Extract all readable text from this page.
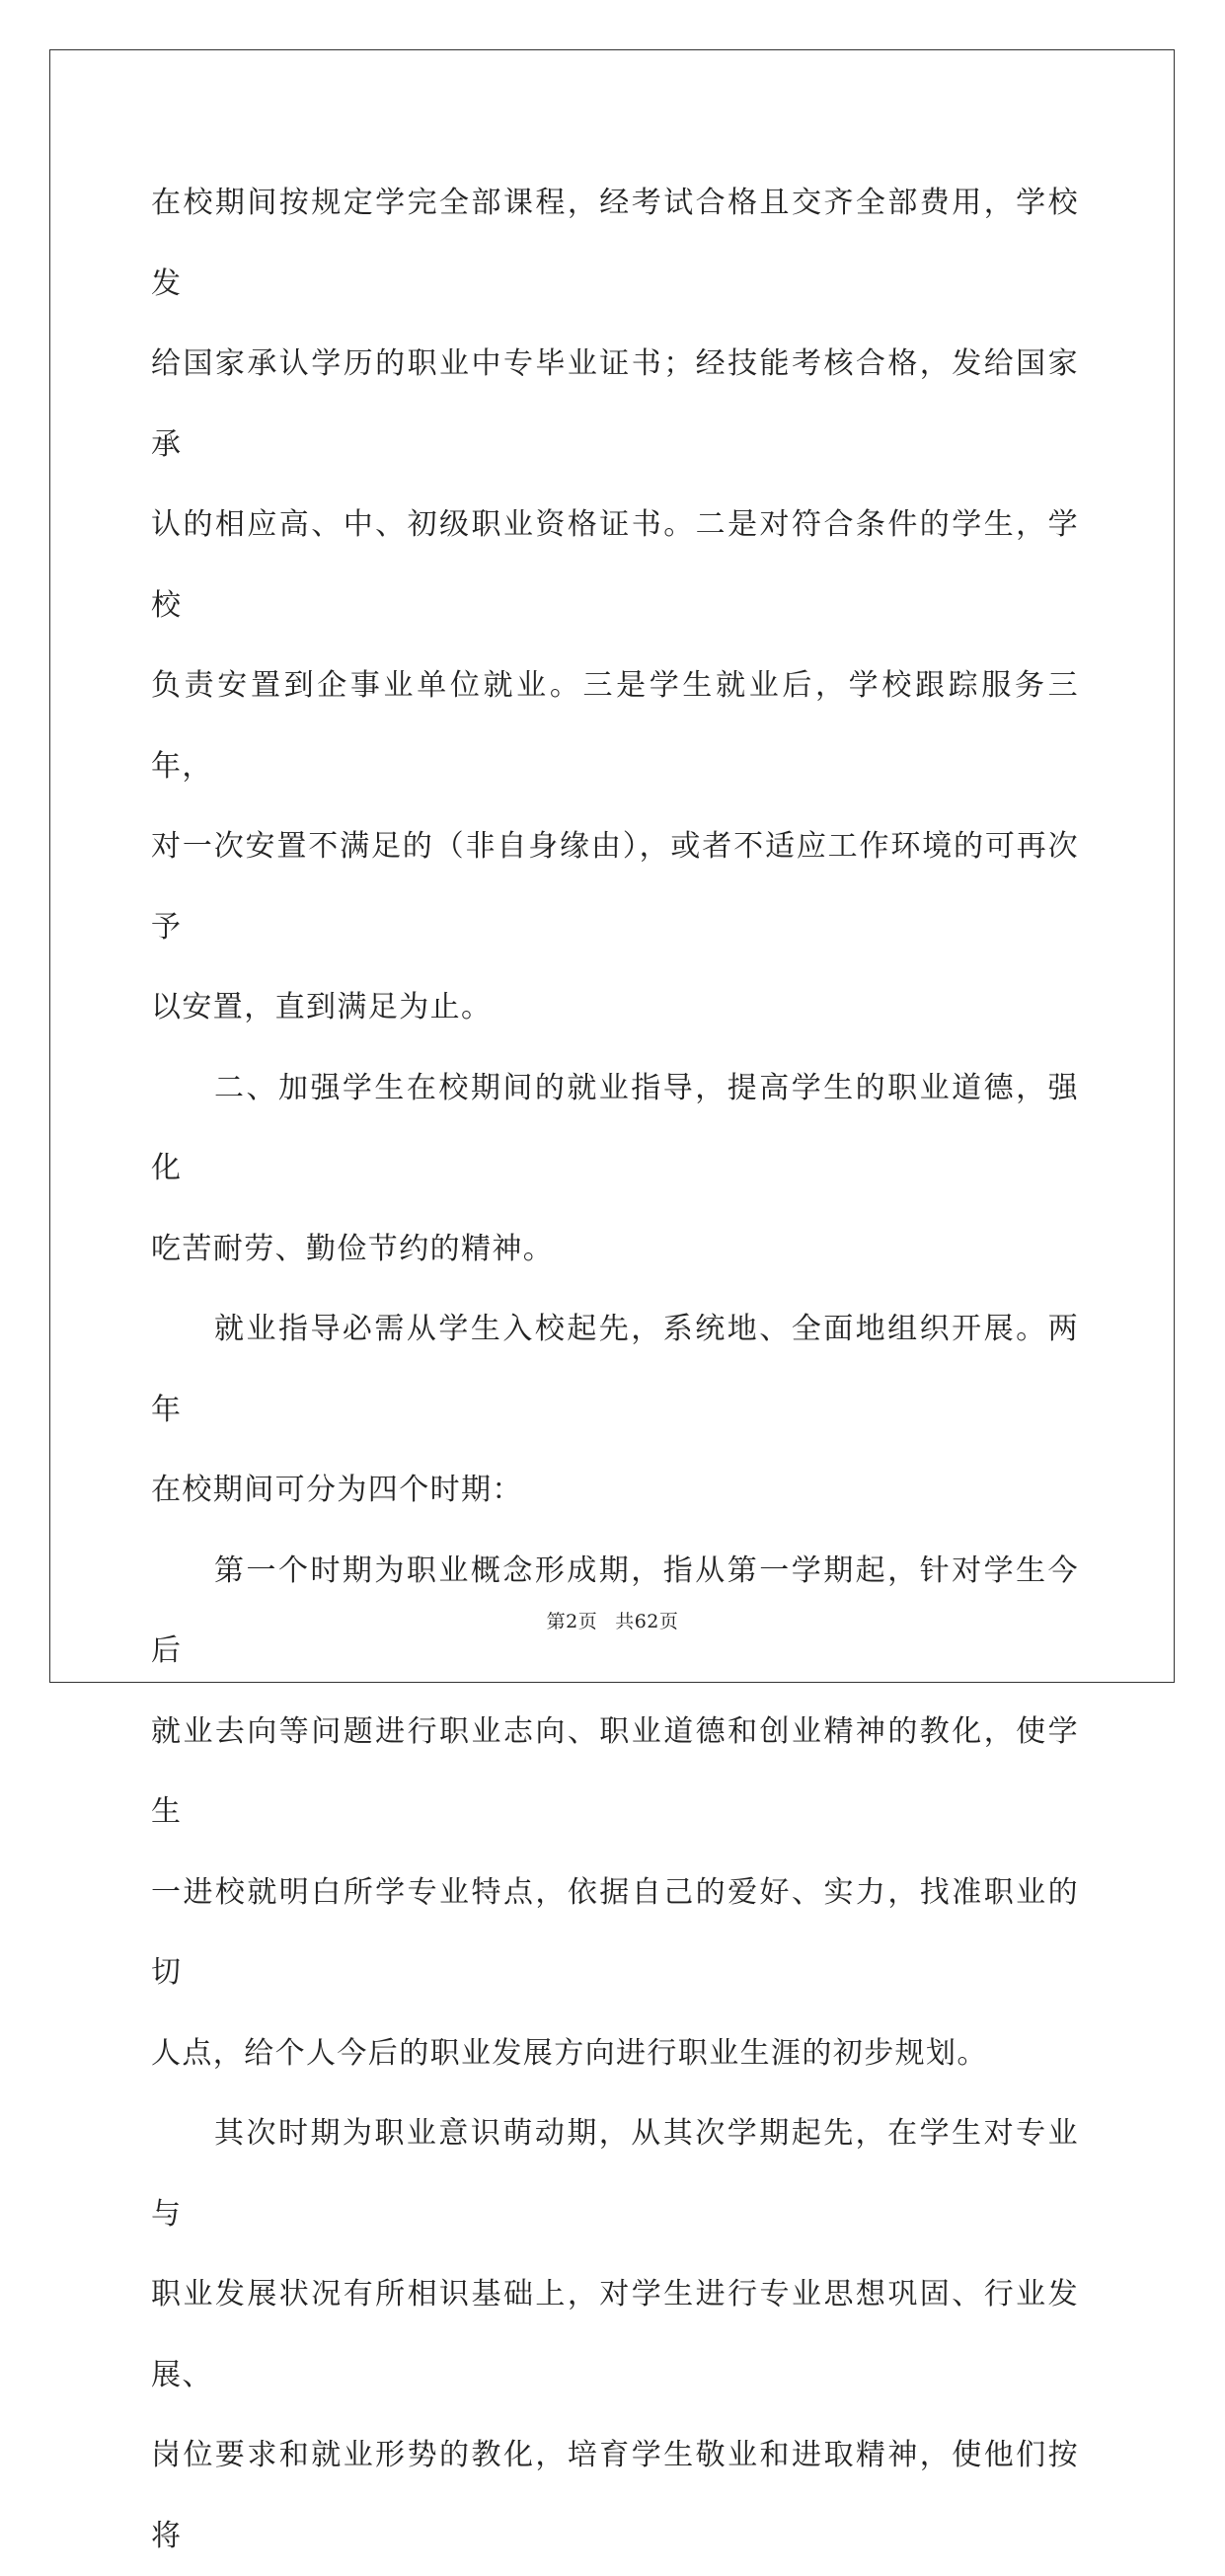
在校期间按规定学完全部课程，经考试合格且交齐全部费用，学校发

给国家承认学历的职业中专毕业证书；经技能考核合格，发给国家承

认的相应高、中、初级职业资格证书。二是对符合条件的学生，学校

负责安置到企事业单位就业。三是学生就业后，学校跟踪服务三年，

对一次安置不满足的（非自身缘由），或者不适应工作环境的可再次予

以安置，直到满足为止。

二、加强学生在校期间的就业指导，提高学生的职业道德，强化

吃苦耐劳、勤俭节约的精神。

就业指导必需从学生入校起先，系统地、全面地组织开展。两年

在校期间可分为四个时期：

第一个时期为职业概念形成期，指从第一学期起，针对学生今后

就业去向等问题进行职业志向、职业道德和创业精神的教化，使学生

一进校就明白所学专业特点，依据自己的爱好、实力，找准职业的切

人点，给个人今后的职业发展方向进行职业生涯的初步规划。

其次时期为职业意识萌动期，从其次学期起先，在学生对专业与

职业发展状况有所相识基础上，对学生进行专业思想巩固、行业发展、

岗位要求和就业形势的教化，培育学生敬业和进取精神，使他们按将

第2页 共62页
